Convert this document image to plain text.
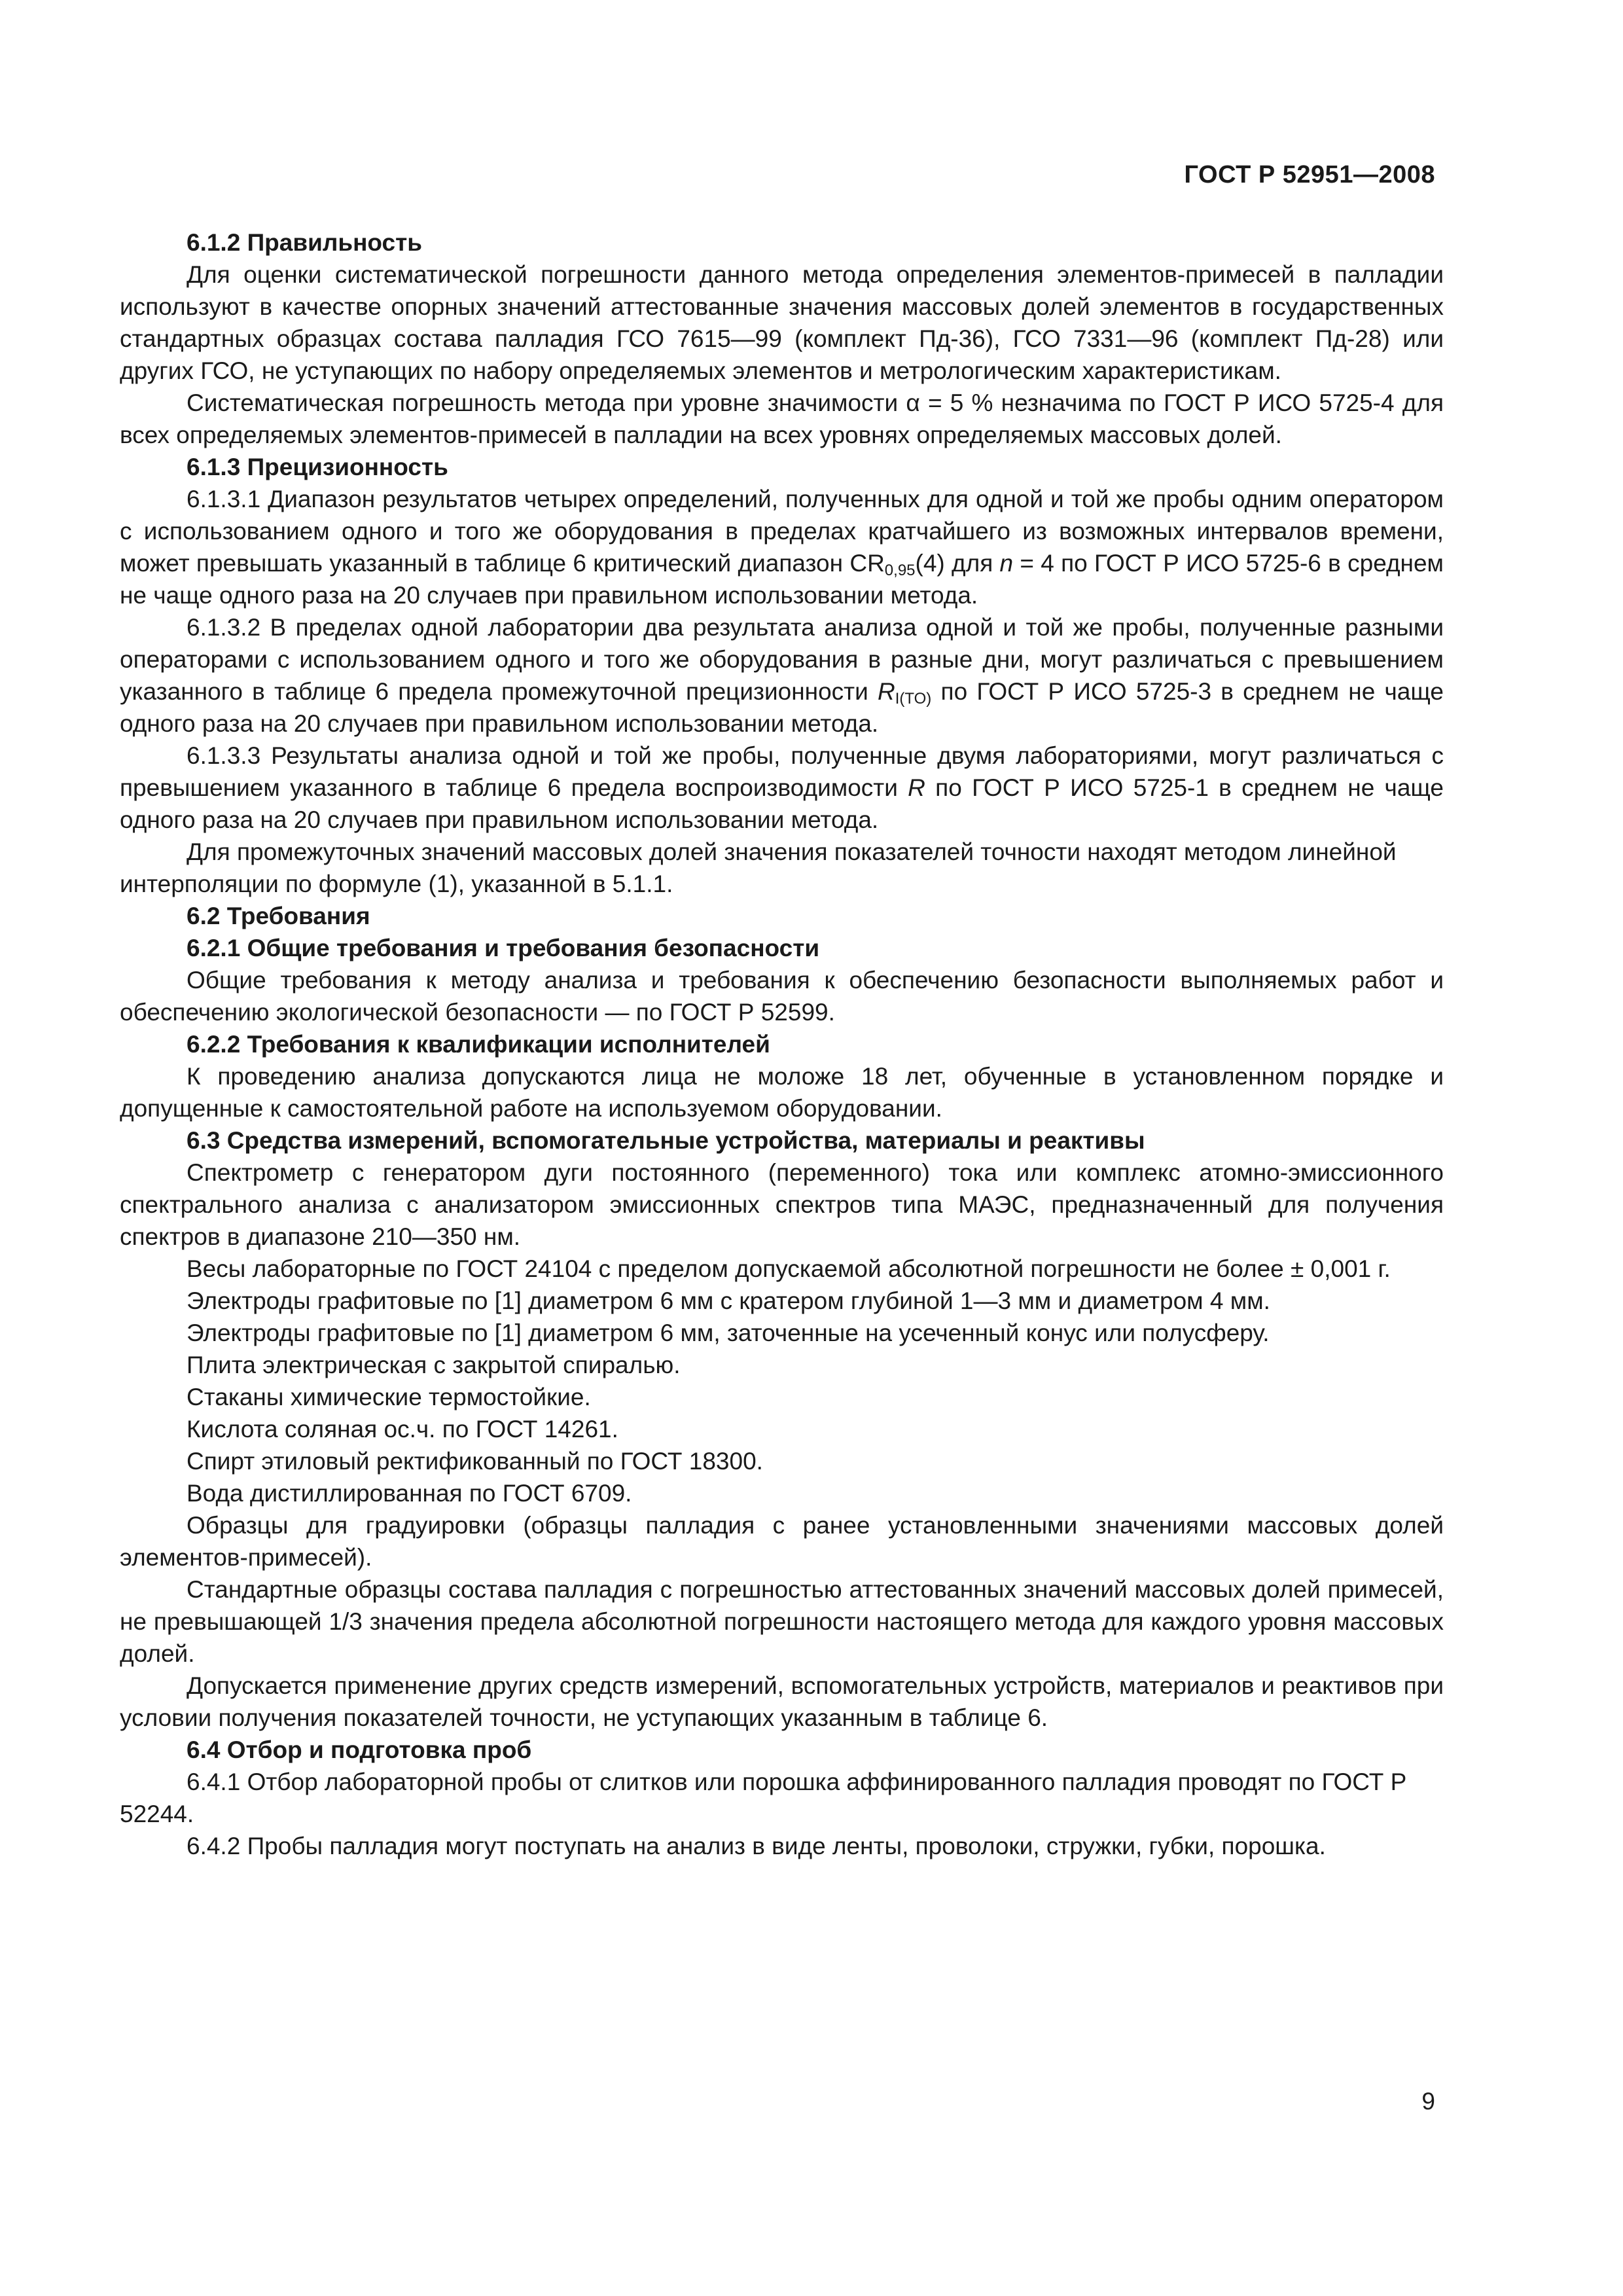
ГОСТ Р 52951—2008

6.1.2 Правильность

Для оценки систематической погрешности данного метода определения элементов-примесей в палладии используют в качестве опорных значений аттестованные значения массовых долей элементов в государственных стандартных образцах состава палладия ГСО 7615—99 (комплект Пд-36), ГСО 7331—96 (комплект Пд-28) или других ГСО, не уступающих по набору определяемых элементов и метрологическим характеристикам.

Систематическая погрешность метода при уровне значимости α = 5 % незначима по ГОСТ Р ИСО 5725-4 для всех определяемых элементов-примесей в палладии на всех уровнях определяемых массовых долей.

6.1.3 Прецизионность

6.1.3.1 Диапазон результатов четырех определений, полученных для одной и той же пробы одним оператором с использованием одного и того же оборудования в пределах кратчайшего из возможных интервалов времени, может превышать указанный в таблице 6 критический диапазон $CR_{0,95}(4)$ для n = 4 по ГОСТ Р ИСО 5725-6 в среднем не чаще одного раза на 20 случаев при правильном использовании метода.

6.1.3.2 В пределах одной лаборатории два результата анализа одной и той же пробы, полученные разными операторами с использованием одного и того же оборудования в разные дни, могут различаться с превышением указанного в таблице 6 предела промежуточной прецизионности $R_{I(TO)}$ по ГОСТ Р ИСО 5725-3 в среднем не чаще одного раза на 20 случаев при правильном использовании метода.

6.1.3.3 Результаты анализа одной и той же пробы, полученные двумя лабораториями, могут различаться с превышением указанного в таблице 6 предела воспроизводимости R по ГОСТ Р ИСО 5725-1 в среднем не чаще одного раза на 20 случаев при правильном использовании метода.

Для промежуточных значений массовых долей значения показателей точности находят методом линейной интерполяции по формуле (1), указанной в 5.1.1.

6.2 Требования

6.2.1 Общие требования и требования безопасности

Общие требования к методу анализа и требования к обеспечению безопасности выполняемых работ и обеспечению экологической безопасности — по ГОСТ Р 52599.

6.2.2 Требования к квалификации исполнителей

К проведению анализа допускаются лица не моложе 18 лет, обученные в установленном порядке и допущенные к самостоятельной работе на используемом оборудовании.

6.3 Средства измерений, вспомогательные устройства, материалы и реактивы

Спектрометр с генератором дуги постоянного (переменного) тока или комплекс атомно-эмиссионного спектрального анализа с анализатором эмиссионных спектров типа МАЭС, предназначенный для получения спектров в диапазоне 210—350 нм.

Весы лабораторные по ГОСТ 24104 с пределом допускаемой абсолютной погрешности не более ± 0,001 г.

Электроды графитовые по [1] диаметром 6 мм с кратером глубиной 1—3 мм и диаметром 4 мм.

Электроды графитовые по [1] диаметром 6 мм, заточенные на усеченный конус или полусферу.

Плита электрическая с закрытой спиралью.

Стаканы химические термостойкие.

Кислота соляная ос.ч. по ГОСТ 14261.

Спирт этиловый ректификованный по ГОСТ 18300.

Вода дистиллированная по ГОСТ 6709.

Образцы для градуировки (образцы палладия с ранее установленными значениями массовых долей элементов-примесей).

Стандартные образцы состава палладия с погрешностью аттестованных значений массовых долей примесей, не превышающей 1/3 значения предела абсолютной погрешности настоящего метода для каждого уровня массовых долей.

Допускается применение других средств измерений, вспомогательных устройств, материалов и реактивов при условии получения показателей точности, не уступающих указанным в таблице 6.

6.4 Отбор и подготовка проб

6.4.1 Отбор лабораторной пробы от слитков или порошка аффинированного палладия проводят по ГОСТ Р 52244.

6.4.2 Пробы палладия могут поступать на анализ в виде ленты, проволоки, стружки, губки, порошка.

9
